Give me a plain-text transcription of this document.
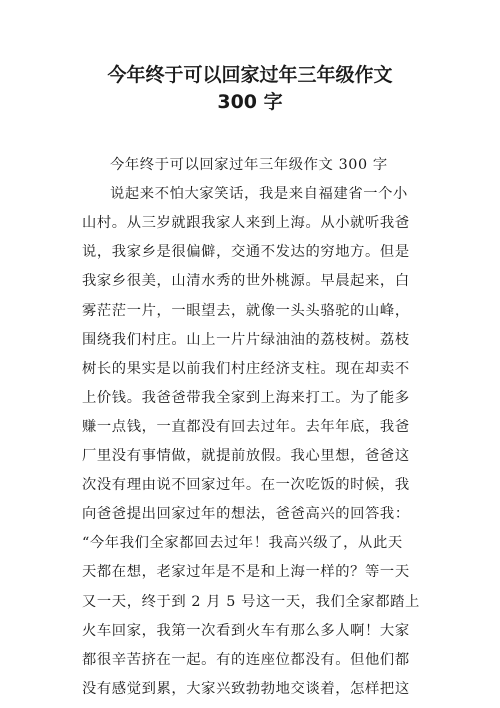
今年终于可以回家过年三年级作文
300 字
今年终于可以回家过年三年级作文 300 字
说起来不怕大家笑话，我是来自福建省一个小
山村。从三岁就跟我家人来到上海。从小就听我爸
说，我家乡是很偏僻，交通不发达的穷地方。但是
我家乡很美，山清水秀的世外桃源。早晨起来，白
雾茫茫一片，一眼望去，就像一头头骆驼的山峰，
围绕我们村庄。山上一片片绿油油的荔枝树。荔枝
树长的果实是以前我们村庄经济支柱。现在却卖不
上价钱。我爸爸带我全家到上海来打工。为了能多
赚一点钱，一直都没有回去过年。去年年底，我爸
厂里没有事情做，就提前放假。我心里想，爸爸这
次没有理由说不回家过年。在一次吃饭的时候，我
向爸爸提出回家过年的想法，爸爸高兴的回答我：
“今年我们全家都回去过年！我高兴级了，从此天
天都在想，老家过年是不是和上海一样的？等一天
又一天，终于到 2 月 5 号这一天，我们全家都踏上
火车回家，我第一次看到火车有那么多人啊！大家
都很辛苦挤在一起。有的连座位都没有。但他们都
没有感觉到累，大家兴致勃勃地交谈着，怎样把这
